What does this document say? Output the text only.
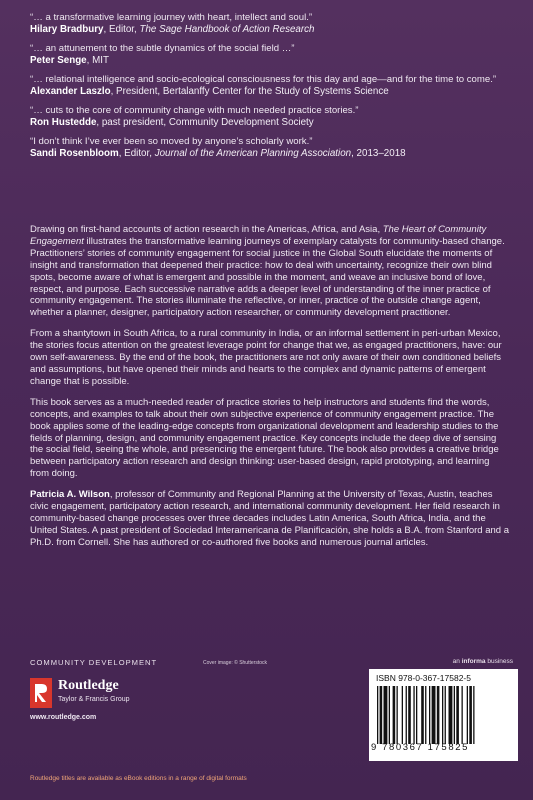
“… a transformative learning journey with heart, intellect and soul.”
Hilary Bradbury, Editor, The Sage Handbook of Action Research
“… an attunement to the subtle dynamics of the social field …”
Peter Senge, MIT
“… relational intelligence and socio-ecological consciousness for this day and age—and for the time to come.”
Alexander Laszlo, President, Bertalanffy Center for the Study of Systems Science
“… cuts to the core of community change with much needed practice stories.”
Ron Hustedde, past president, Community Development Society
“I don’t think I’ve ever been so moved by anyone’s scholarly work.”
Sandi Rosenbloom, Editor, Journal of the American Planning Association, 2013–2018

Drawing on first-hand accounts of action research in the Americas, Africa, and Asia, The Heart of Community Engagement illustrates the transformative learning journeys of exemplary catalysts for community-based change. Practitioners’ stories of community engagement for social justice in the Global South elucidate the moments of insight and transformation that deepened their practice: how to deal with uncertainty, recognize their own blind spots, become aware of what is emergent and possible in the moment, and weave an inclusive bond of love, respect, and purpose. Each successive narrative adds a deeper level of understanding of the inner practice of community engagement. The stories illuminate the reflective, or inner, practice of the outside change agent, whether a planner, designer, participatory action researcher, or community development practitioner.

From a shantytown in South Africa, to a rural community in India, or an informal settlement in peri-urban Mexico, the stories focus attention on the greatest leverage point for change that we, as engaged practitioners, have: our own self-awareness. By the end of the book, the practitioners are not only aware of their own conditioned beliefs and assumptions, but have opened their minds and hearts to the complex and dynamic patterns of emergent change that is possible.

This book serves as a much-needed reader of practice stories to help instructors and students find the words, concepts, and examples to talk about their own subjective experience of community engagement practice. The book applies some of the leading-edge concepts from organizational development and leadership studies to the fields of planning, design, and community engagement practice. Key concepts include the deep dive of sensing the social field, seeing the whole, and presencing the emergent future. The book also provides a creative bridge between participatory action research and design thinking: user-based design, rapid prototyping, and learning from doing.

Patricia A. Wilson, professor of Community and Regional Planning at the University of Texas, Austin, teaches civic engagement, participatory action research, and international community development. Her field research in community-based change processes over three decades includes Latin America, South Africa, India, and the United States. A past president of Sociedad Interamericana de Planificación, she holds a B.A. from Stanford and a Ph.D. from Cornell. She has authored or co-authored five books and numerous journal articles.

COMMUNITY DEVELOPMENT	Cover image: © Shutterstock	an informa business
Routledge
Taylor & Francis Group
www.routledge.com
ISBN 978-0-367-17582-5
9 780367 175825
Routledge titles are available as eBook editions in a range of digital formats
